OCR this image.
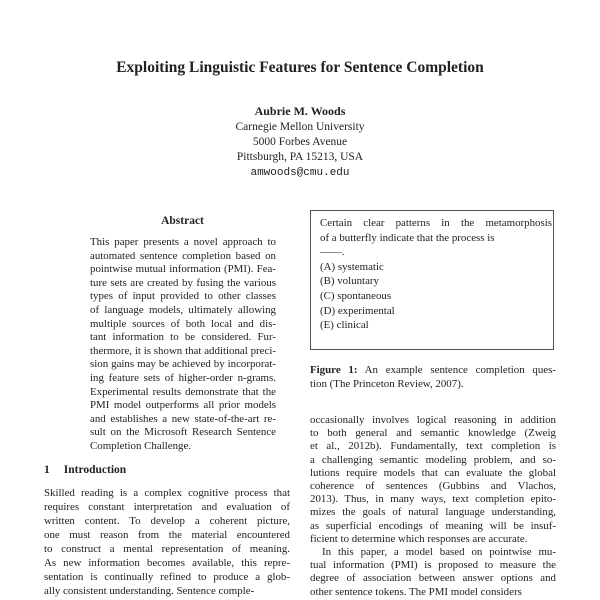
Exploiting Linguistic Features for Sentence Completion
Aubrie M. Woods
Carnegie Mellon University
5000 Forbes Avenue
Pittsburgh, PA 15213, USA
amwoods@cmu.edu
Abstract
This paper presents a novel approach to
automated sentence completion based on
pointwise mutual information (PMI). Fea-
ture sets are created by fusing the various
types of input provided to other classes
of language models, ultimately allowing
multiple sources of both local and dis-
tant information to be considered. Fur-
thermore, it is shown that additional preci-
sion gains may be achieved by incorporat-
ing feature sets of higher-order n-grams.
Experimental results demonstrate that the
PMI model outperforms all prior models
and establishes a new state-of-the-art re-
sult on the Microsoft Research Sentence
Completion Challenge.
1 Introduction
Skilled reading is a complex cognitive process that
requires constant interpretation and evaluation of
written content. To develop a coherent picture,
one must reason from the material encountered
to construct a mental representation of meaning.
As new information becomes available, this repre-
sentation is continually refined to produce a glob-
ally consistent understanding. Sentence comple-
Certain clear patterns in the metamorphosis
of a butterfly indicate that the process is
——.
(A) systematic
(B) voluntary
(C) spontaneous
(D) experimental
(E) clinical
Figure 1: An example sentence completion ques-
tion (The Princeton Review, 2007).
occasionally involves logical reasoning in addition
to both general and semantic knowledge (Zweig
et al., 2012b). Fundamentally, text completion is
a challenging semantic modeling problem, and so-
lutions require models that can evaluate the global
coherence of sentences (Gubbins and Vlachos,
2013). Thus, in many ways, text completion epito-
mizes the goals of natural language understanding,
as superficial encodings of meaning will be insuf-
ficient to determine which responses are accurate.
In this paper, a model based on pointwise mu-
tual information (PMI) is proposed to measure the
degree of association between answer options and
other sentence tokens. The PMI model considers
